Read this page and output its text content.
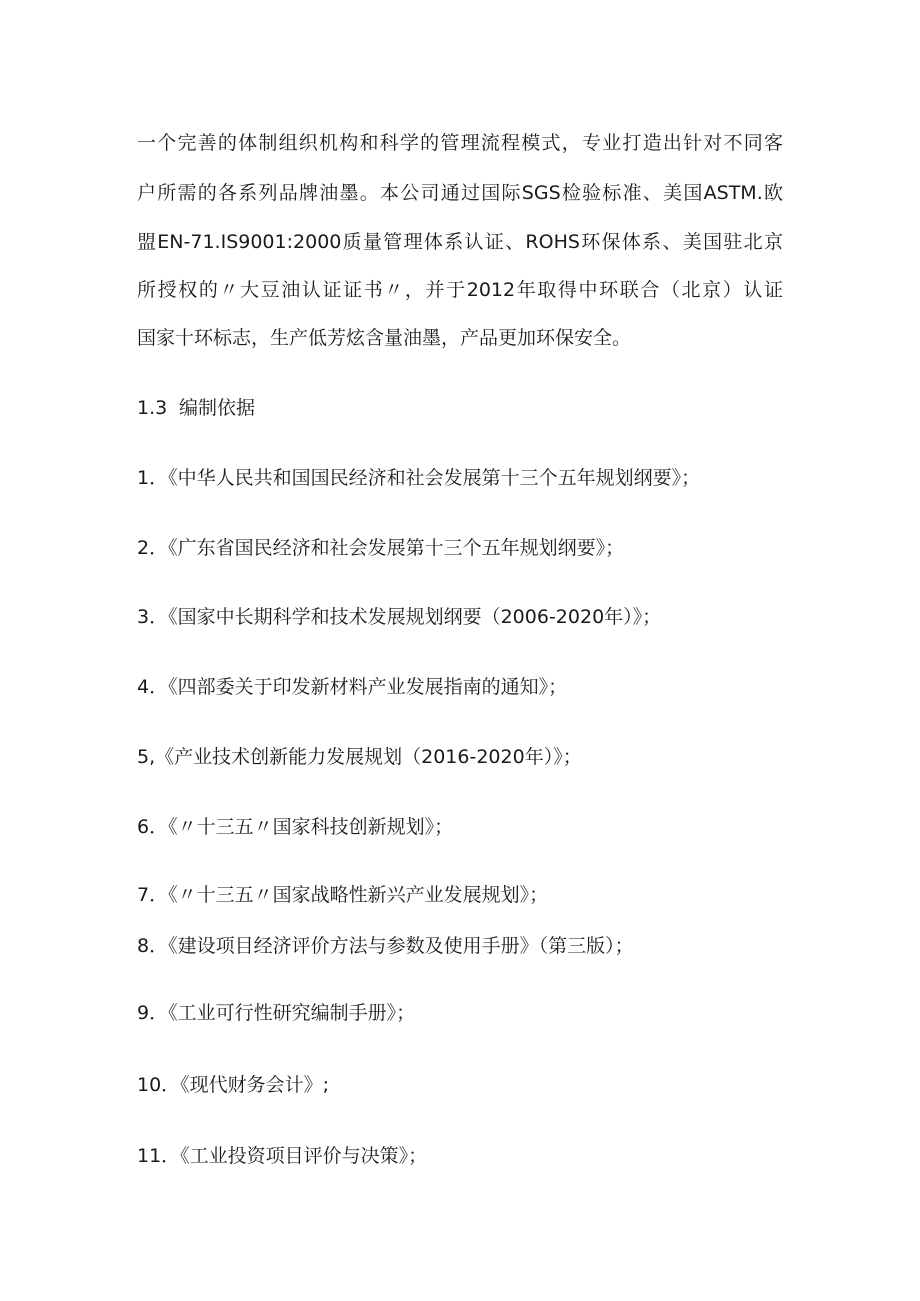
一个完善的体制组织机构和科学的管理流程模式，专业打造出针对不同客

户所需的各系列品牌油墨。本公司通过国际SGS检验标准、美国ASTM.欧

盟EN-71.IS9001:2000质量管理体系认证、ROHS环保体系、美国驻北京

所授权的〃大豆油认证证书〃，并于2012年取得中环联合（北京）认证

国家十环标志，生产低芳炫含量油墨，产品更加环保安全。

1.3 编制依据

1．《中华人民共和国国民经济和社会发展第十三个五年规划纲要》；

2．《广东省国民经济和社会发展第十三个五年规划纲要》；

3．《国家中长期科学和技术发展规划纲要（2006-2020年）》；

4．《四部委关于印发新材料产业发展指南的通知》；

5,《产业技术创新能力发展规划（2016-2020年）》；

6．《〃十三五〃国家科技创新规划》；

7．《〃十三五〃国家战略性新兴产业发展规划》；

8．《建设项目经济评价方法与参数及使用手册》（第三版）；

9．《工业可行性研究编制手册》；

10．《现代财务会计》;

11．《工业投资项目评价与决策》；
